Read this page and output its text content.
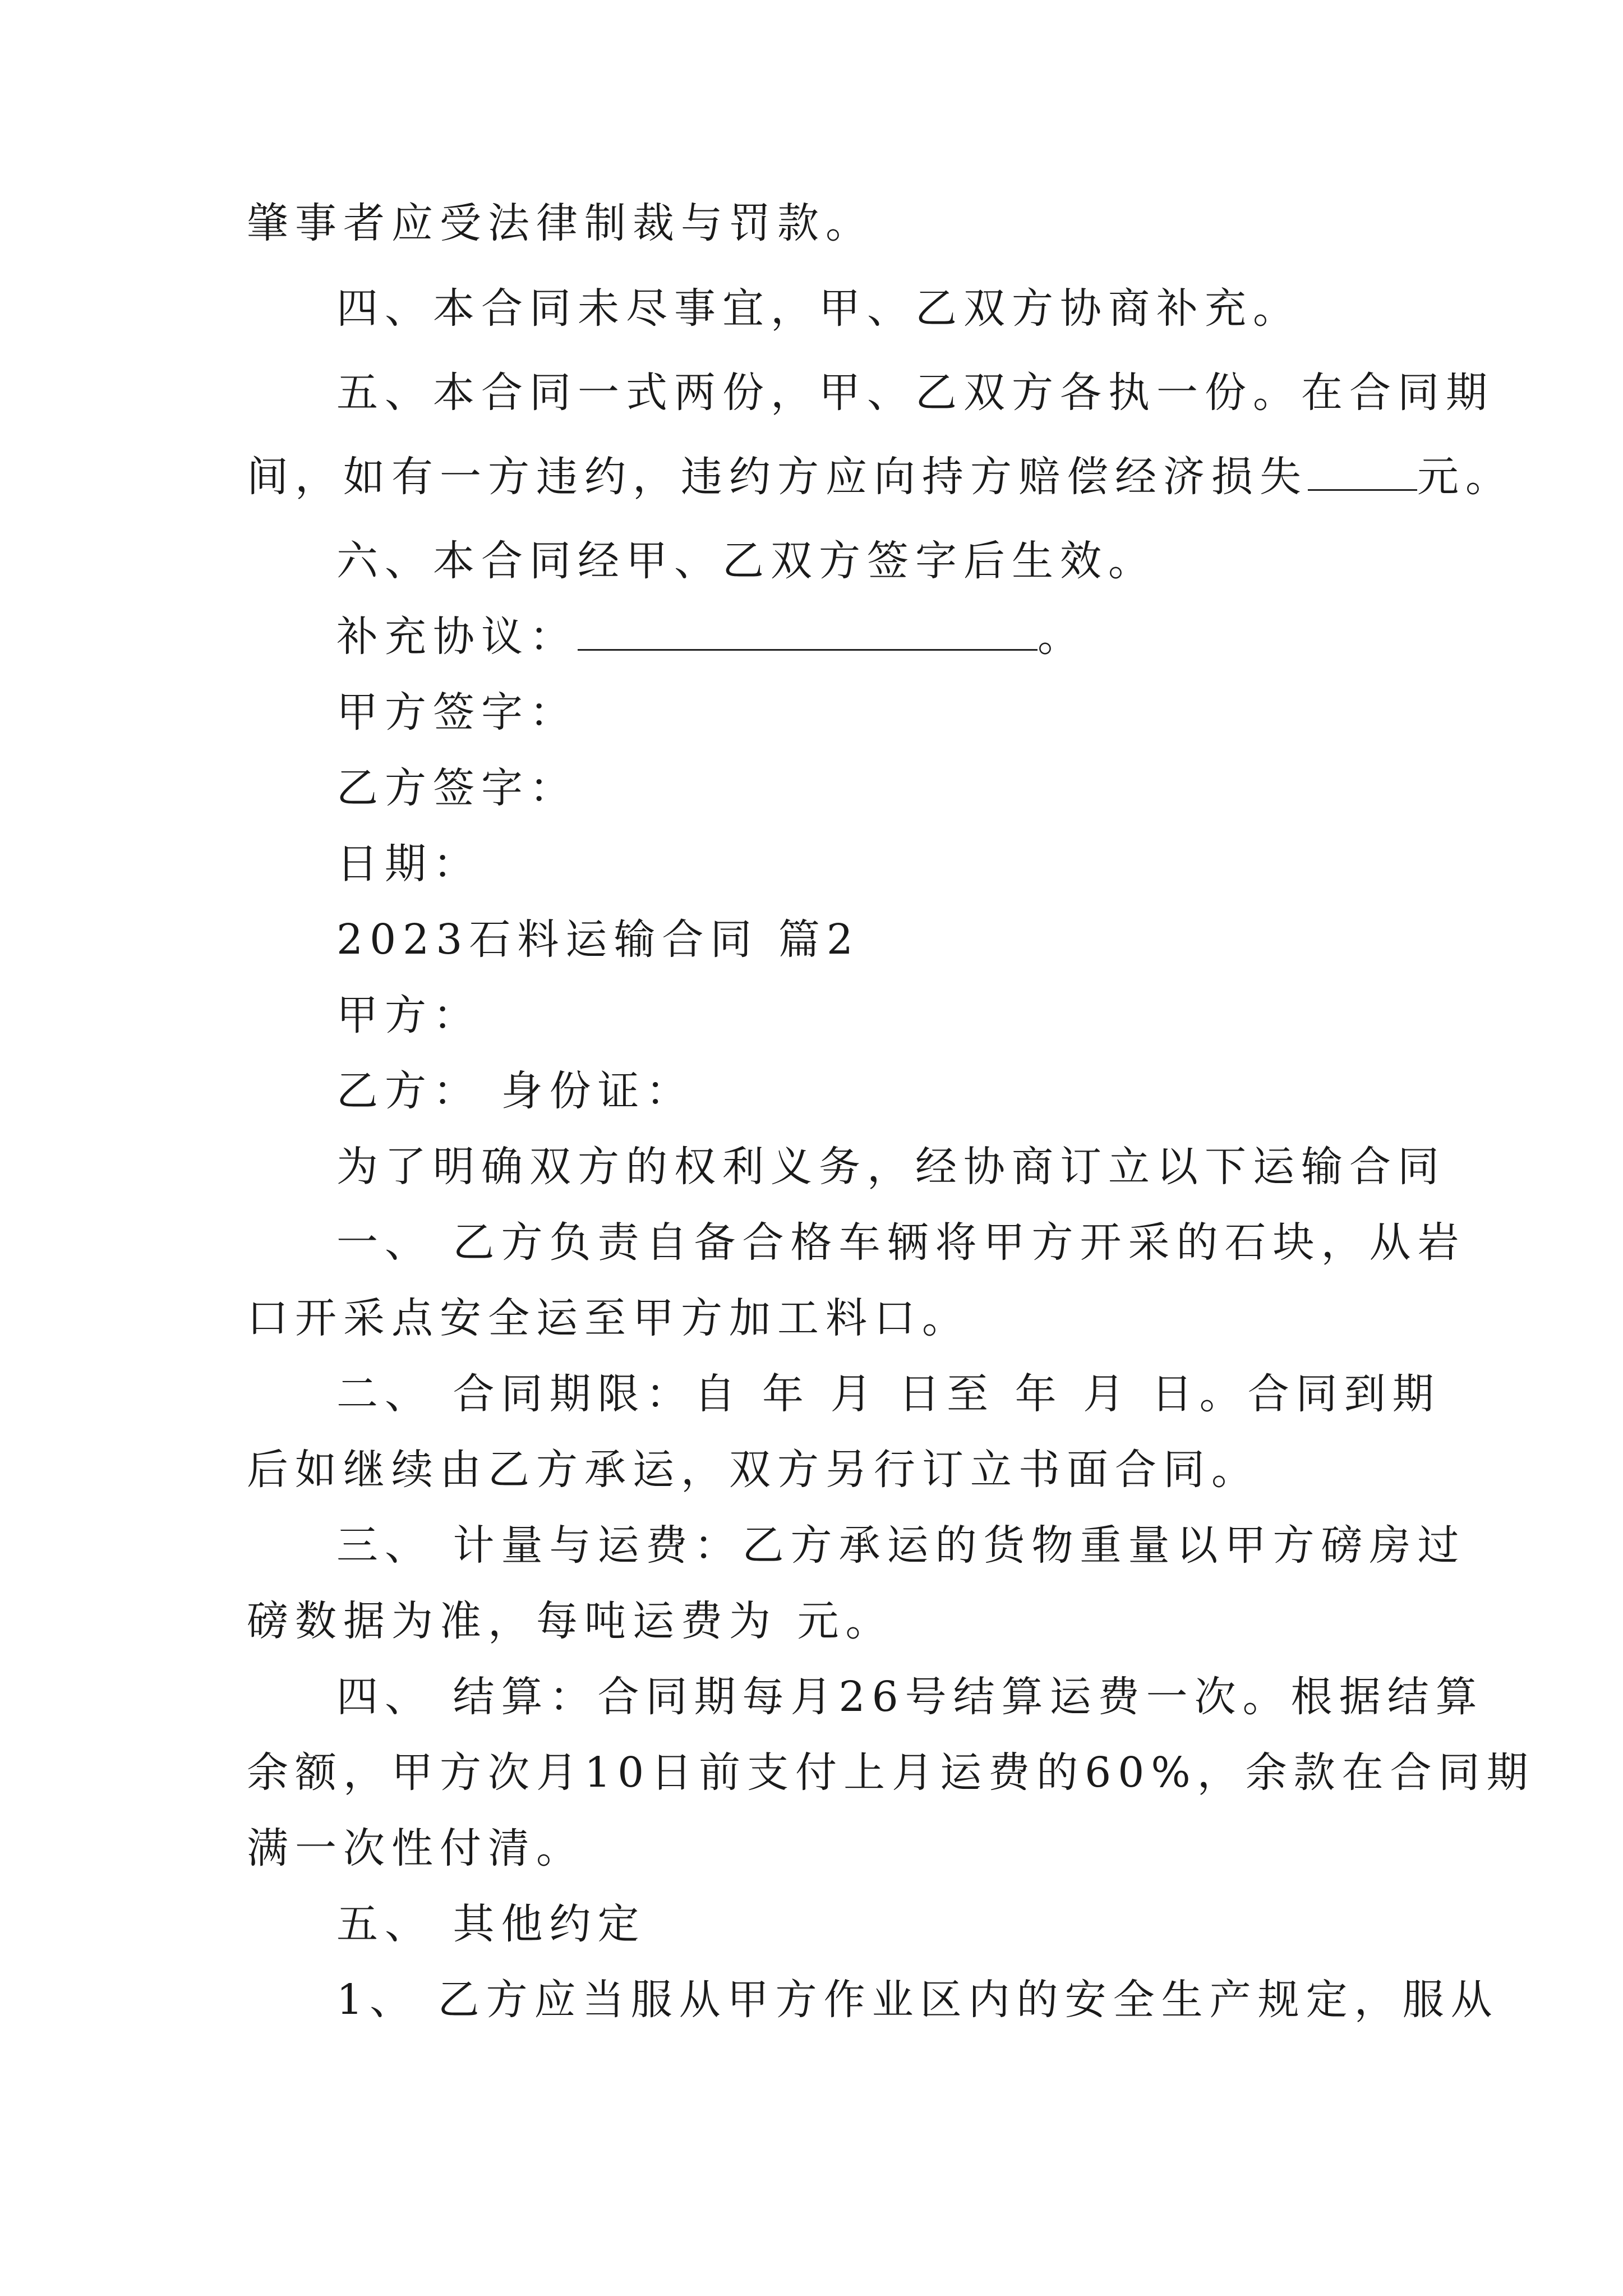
肇事者应受法律制裁与罚款。
四、本合同未尽事宜，甲、乙双方协商补充。
五、本合同一式两份，甲、乙双方各执一份。在合同期
间，如有一方违约，违约方应向持方赔偿经济损失	元。
六、本合同经甲、乙双方签字后生效。
补充协议：	。
甲方签字：
乙方签字：
日期：
2023石料运输合同 篇2
甲方：
乙方： 身份证：
为了明确双方的权利义务，经协商订立以下运输合同
一、 乙方负责自备合格车辆将甲方开采的石块，从岩
口开采点安全运至甲方加工料口。
二、 合同期限：自 年 月 日至 年 月 日。合同到期
后如继续由乙方承运，双方另行订立书面合同。
三、 计量与运费：乙方承运的货物重量以甲方磅房过
磅数据为准，每吨运费为 元。
四、 结算：合同期每月26号结算运费一次。根据结算
余额，甲方次月10日前支付上月运费的60%，余款在合同期
满一次性付清。
五、 其他约定
1、 乙方应当服从甲方作业区内的安全生产规定，服从
